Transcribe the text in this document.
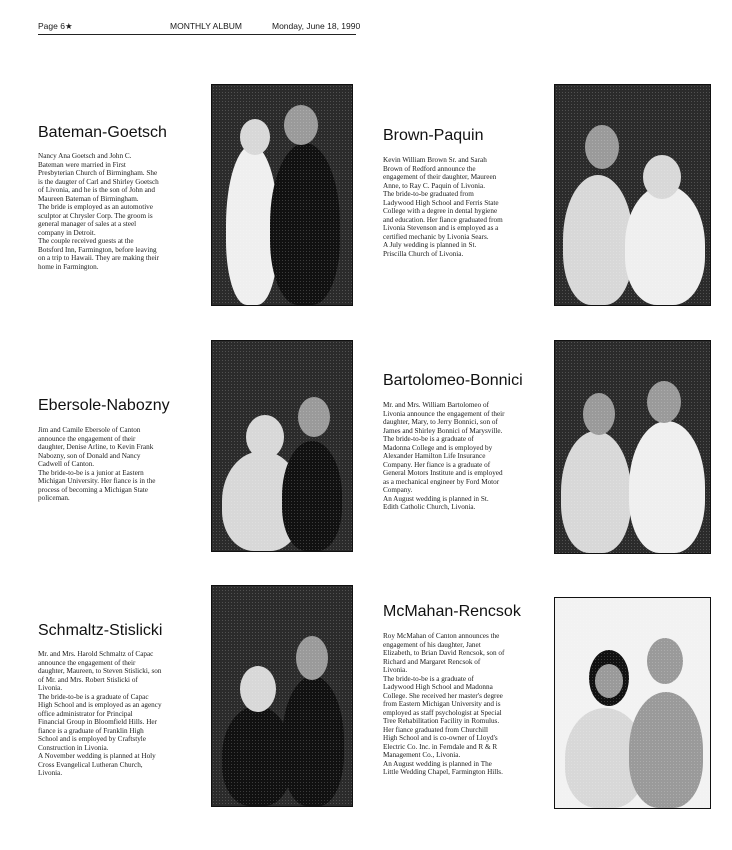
Page 6★	MONTHLY ALBUM	Monday, June 18, 1990
Bateman-Goetsch
Nancy Ana Goetsch and John C.
Bateman were married in First
Presbyterian Church of Birmingham. She
is the daugter of Carl and Shirley Goetsch
of Livonia, and he is the son of John and
Maureen Bateman of Birmingham.
The bride is employed as an automotive
sculptor at Chrysler Corp. The groom is
general manager of sales at a steel
company in Detroit.
The couple received guests at the
Botsford Inn, Farmington, before leaving
on a trip to Hawaii. They are making their
home in Farmington.
Brown-Paquin
Kevin William Brown Sr. and Sarah
Brown of Redford announce the
engagement of their daughter, Maureen
Anne, to Ray C. Paquin of Livonia.
The bride-to-be graduated from
Ladywood High School and Ferris State
College with a degree in dental hygiene
and education. Her fiance graduated from
Livonia Stevenson and is employed as a
certified mechanic by Livonia Sears.
A July wedding is planned in St.
Priscilla Church of Livonia.
Ebersole-Nabozny
Jim and Camile Ebersole of Canton
announce the engagement of their
daughter, Denise Arline, to Kevin Frank
Nabozny, son of Donald and Nancy
Cadwell of Canton.
The bride-to-be is a junior at Eastern
Michigan University. Her fiance is in the
process of becoming a Michigan State
policeman.
Bartolomeo-Bonnici
Mr. and Mrs. William Bartolomeo of
Livonia announce the engagement of their
daughter, Mary, to Jerry Bonnici, son of
James and Shirley Bonnici of Marysville.
The bride-to-be is a graduate of
Madonna College and is employed by
Alexander Hamilton Life Insurance
Company. Her fiance is a graduate of
General Motors Institute and is employed
as a mechanical engineer by Ford Motor
Company.
An August wedding is planned in St.
Edith Catholic Church, Livonia.
Schmaltz-Stislicki
Mr. and Mrs. Harold Schmaltz of Capac
announce the engagement of their
daughter, Maureen, to Steven Stislicki, son
of Mr. and Mrs. Robert Stislicki of
Livonia.
The bride-to-be is a graduate of Capac
High School and is employed as an agency
office administrator for Principal
Financial Group in Bloomfield Hills. Her
fiance is a graduate of Franklin High
School and is employed by Craftstyle
Construction in Livonia.
A November wedding is planned at Holy
Cross Evangelical Lutheran Church,
Livonia.
McMahan-Rencsok
Roy McMahan of Canton announces the
engagement of his daughter, Janet
Elizabeth, to Brian David Rencsok, son of
Richard and Margaret Rencsok of
Livonia.
The bride-to-be is a graduate of
Ladywood High School and Madonna
College. She received her master's degree
from Eastern Michigan University and is
employed as staff psychologist at Special
Tree Rehabilitation Facility in Romulus.
Her fiance graduated from Churchill
High School and is co-owner of Lloyd's
Electric Co. Inc. in Ferndale and R & R
Management Co., Livonia.
An August wedding is planned in The
Little Wedding Chapel, Farmington Hills.
